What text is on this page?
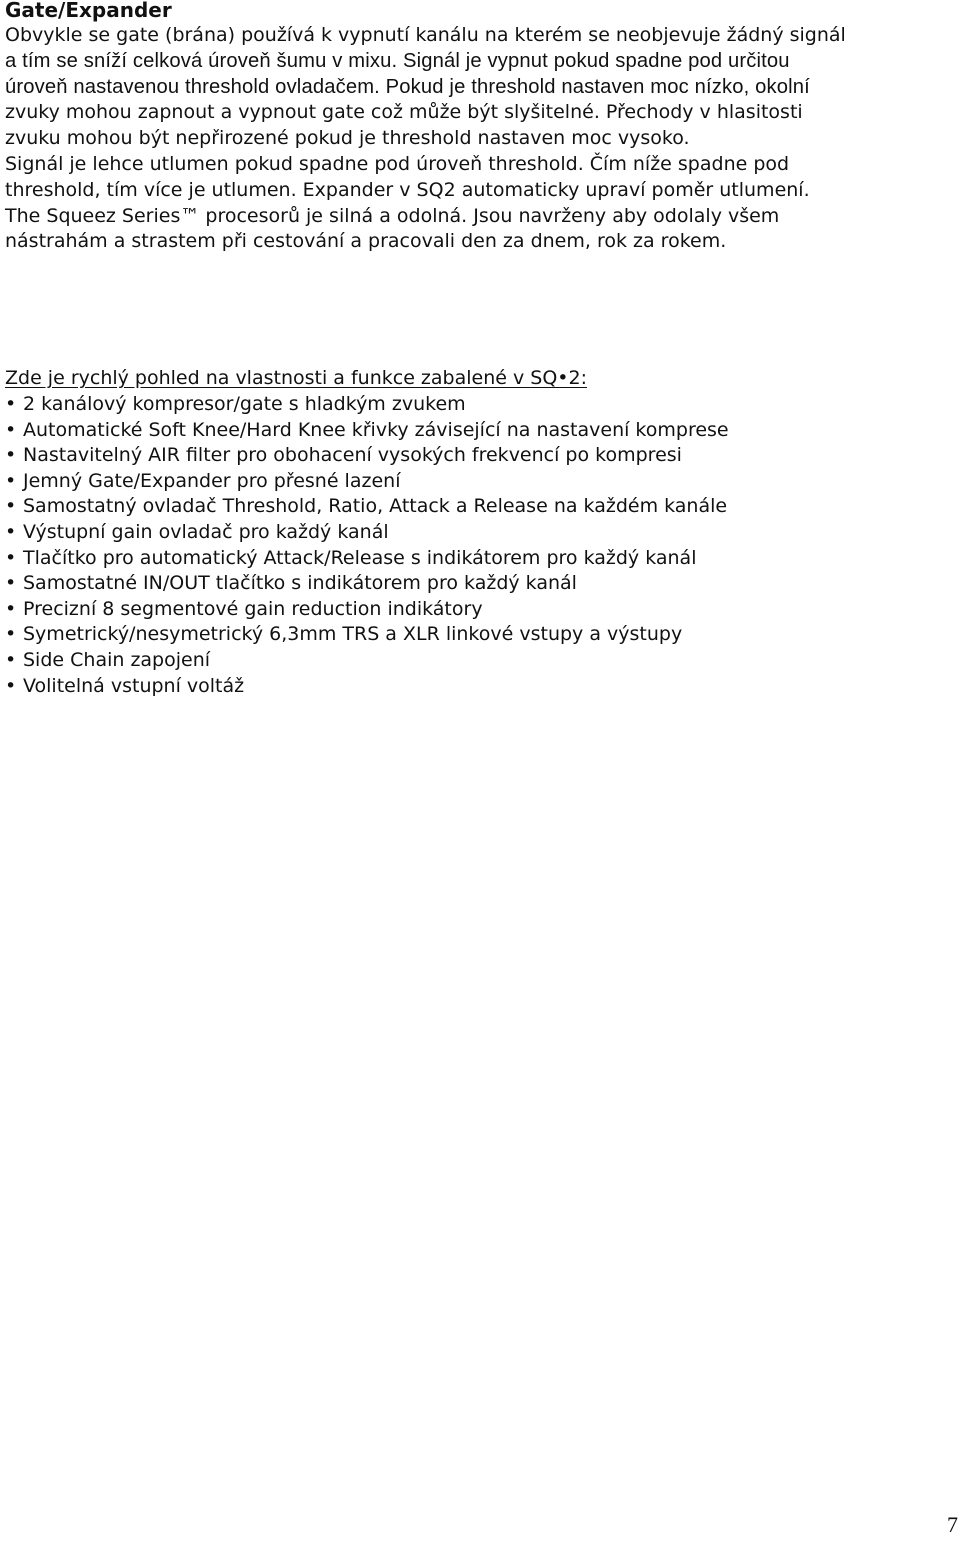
Gate/Expander
Obvykle se gate (brána) používá k vypnutí kanálu na kterém se neobjevuje žádný signál
a tím se sníží celková úroveň šumu v mixu. Signál je vypnut pokud spadne pod určitou
úroveň nastavenou threshold ovladačem. Pokud je threshold nastaven moc nízko, okolní
zvuky mohou zapnout a vypnout gate což může být slyšitelné. Přechody v hlasitosti
zvuku mohou být nepřirozené pokud je threshold nastaven moc vysoko.
Signál je lehce utlumen pokud spadne pod úroveň threshold. Čím níže spadne pod
threshold, tím více je utlumen. Expander v SQ2 automaticky upraví poměr utlumení.
The Squeez Series™ procesorů je silná a odolná. Jsou navrženy aby odolaly všem
nástrahám a strastem při cestování a pracovali den za dnem, rok za rokem.
Zde je rychlý pohled na vlastnosti a funkce zabalené v SQ•2:
• 2 kanálový kompresor/gate s hladkým zvukem
• Automatické Soft Knee/Hard Knee křivky závisející na nastavení komprese
• Nastavitelný AIR filter pro obohacení vysokých frekvencí po kompresi
• Jemný Gate/Expander pro přesné lazení
• Samostatný ovladač Threshold, Ratio, Attack a Release na každém kanále
• Výstupní gain ovladač pro každý kanál
• Tlačítko pro automatický Attack/Release s indikátorem pro každý kanál
• Samostatné IN/OUT tlačítko s indikátorem pro každý kanál
• Precizní 8 segmentové gain reduction indikátory
• Symetrický/nesymetrický 6,3mm TRS a XLR linkové vstupy a výstupy
• Side Chain zapojení
• Volitelná vstupní voltáž
7
